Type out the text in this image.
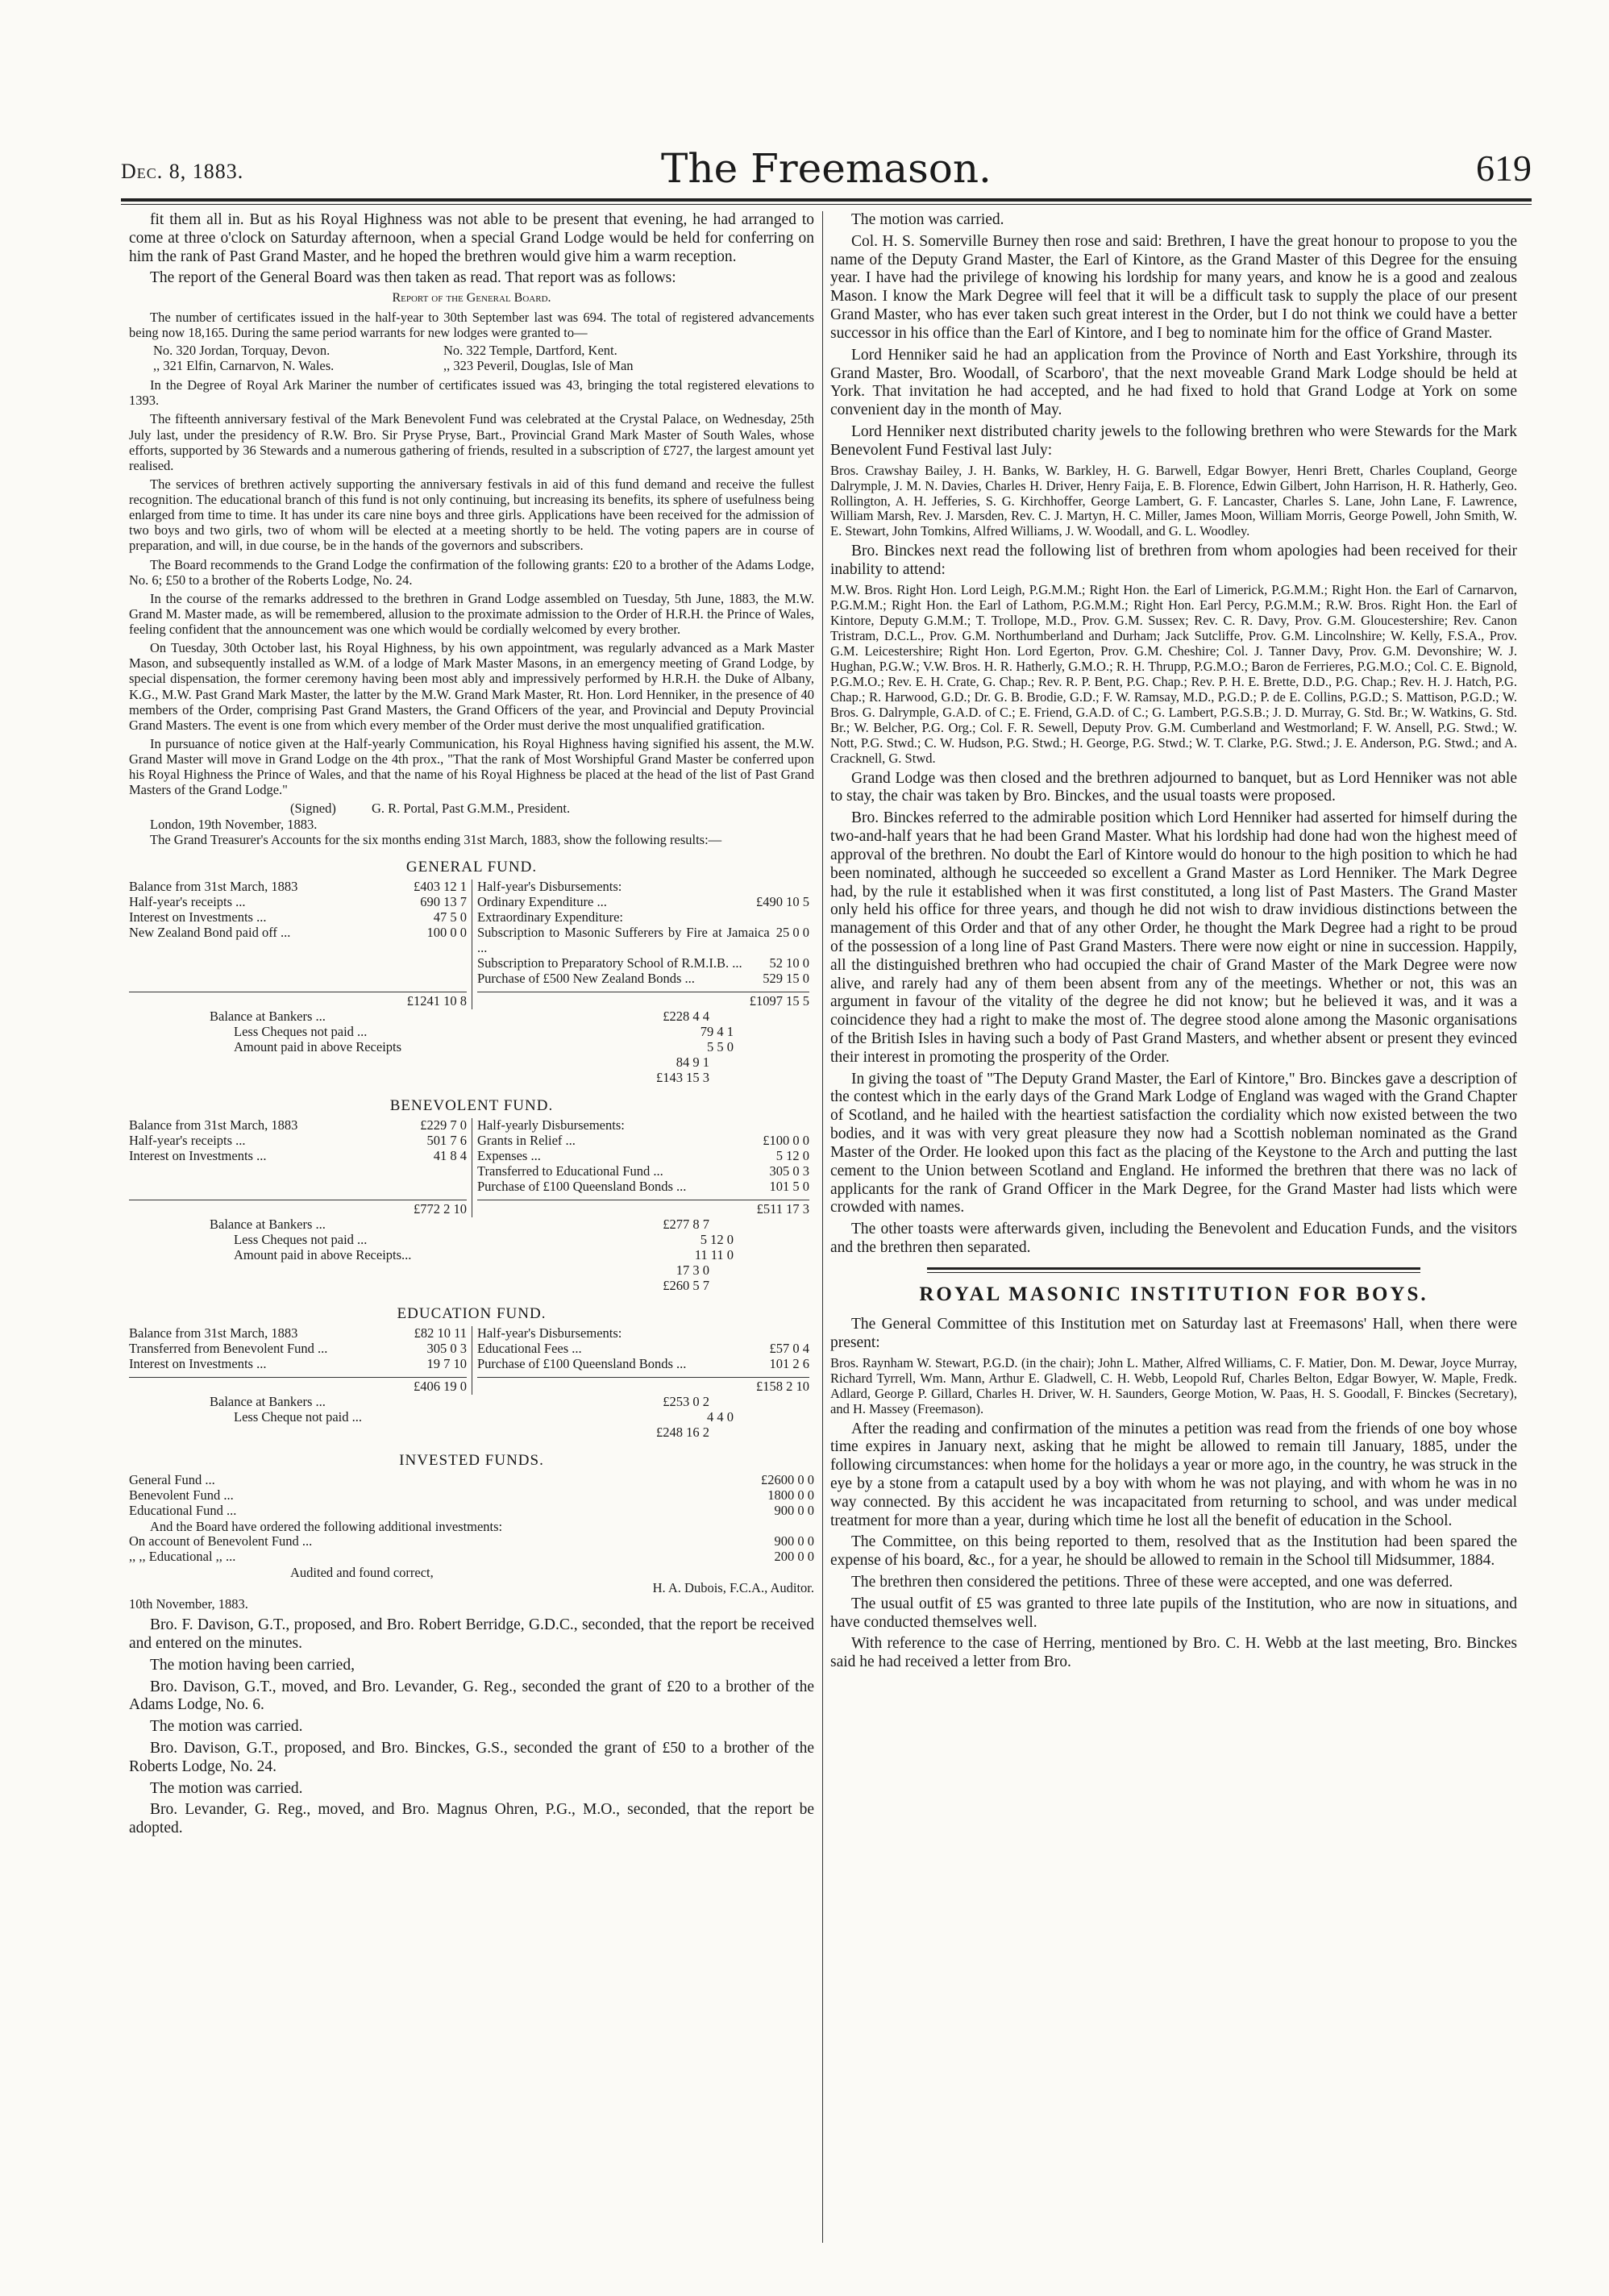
Dec. 8, 1883.	The Freemason.	619

fit them all in. But as his Royal Highness was not able to be present that evening, he had arranged to come at three o'clock on Saturday afternoon, when a special Grand Lodge would be held for conferring on him the rank of Past Grand Master, and he hoped the brethren would give him a warm reception.

The report of the General Board was then taken as read. That report was as follows:

Report of the General Board.

The number of certificates issued in the half-year to 30th September last was 694. The total of registered advancements being now 18,165. During the same period warrants for new lodges were granted to—

No. 320 Jordan, Torquay, Devon.	No. 322 Temple, Dartford, Kent.
,, 321 Elfin, Carnarvon, N. Wales.	,, 323 Peveril, Douglas, Isle of Man

In the Degree of Royal Ark Mariner the number of certificates issued was 43, bringing the total registered elevations to 1393.

The fifteenth anniversary festival of the Mark Benevolent Fund was celebrated at the Crystal Palace, on Wednesday, 25th July last, under the presidency of R.W. Bro. Sir Pryse Pryse, Bart., Provincial Grand Mark Master of South Wales, whose efforts, supported by 36 Stewards and a numerous gathering of friends, resulted in a subscription of £727, the largest amount yet realised.

The services of brethren actively supporting the anniversary festivals in aid of this fund demand and receive the fullest recognition. The educational branch of this fund is not only continuing, but increasing its benefits, its sphere of usefulness being enlarged from time to time. It has under its care nine boys and three girls. Applications have been received for the admission of two boys and two girls, two of whom will be elected at a meeting shortly to be held. The voting papers are in course of preparation, and will, in due course, be in the hands of the governors and subscribers.

The Board recommends to the Grand Lodge the confirmation of the following grants: £20 to a brother of the Adams Lodge, No. 6; £50 to a brother of the Roberts Lodge, No. 24.

In the course of the remarks addressed to the brethren in Grand Lodge assembled on Tuesday, 5th June, 1883, the M.W. Grand M. Master made, as will be remembered, allusion to the proximate admission to the Order of H.R.H. the Prince of Wales, feeling confident that the announcement was one which would be cordially welcomed by every brother.

On Tuesday, 30th October last, his Royal Highness, by his own appointment, was regularly advanced as a Mark Master Mason, and subsequently installed as W.M. of a lodge of Mark Master Masons, in an emergency meeting of Grand Lodge, by special dispensation, the former ceremony having been most ably and impressively performed by H.R.H. the Duke of Albany, K.G., M.W. Past Grand Mark Master, the latter by the M.W. Grand Mark Master, Rt. Hon. Lord Henniker, in the presence of 40 members of the Order, comprising Past Grand Masters, the Grand Officers of the year, and Provincial and Deputy Provincial Grand Masters. The event is one from which every member of the Order must derive the most unqualified gratification.

In pursuance of notice given at the Half-yearly Communication, his Royal Highness having signified his assent, the M.W. Grand Master will move in Grand Lodge on the 4th prox., "That the rank of Most Worshipful Grand Master be conferred upon his Royal Highness the Prince of Wales, and that the name of his Royal Highness be placed at the head of the list of Past Grand Masters of the Grand Lodge."

(Signed)	G. R. Portal, Past G.M.M., President.
London, 19th November, 1883.

The Grand Treasurer's Accounts for the six months ending 31st March, 1883, show the following results:—

GENERAL FUND.
Balance from 31st March, 1883	£403 12 1
Half-year's receipts ...	690 13 7
Interest on Investments ...	47 5 0
New Zealand Bond paid off ...	100 0 0
Half-year's Disbursements:
Ordinary Expenditure ...	£490 10 5
Extraordinary Expenditure:
Subscription to Masonic Sufferers by Fire at Jamaica ...
25 0 0
Subscription to Preparatory School of R.M.I.B. ...	52 10 0
Purchase of £500 New Zealand Bonds ...	529 15 0
£1241 10 8	£1097 15 5
Balance at Bankers ...	£228 4 4
Less Cheques not paid ...	79 4 1
Amount paid in above Receipts	5 5 0
84 9 1
£143 15 3
BENEVOLENT FUND.
Balance from 31st March, 1883	£229 7 0
Half-year's receipts ...	501 7 6
Interest on Investments ...	41 8 4
Half-yearly Disbursements:
Grants in Relief ...	£100 0 0
Expenses ...	5 12 0
Transferred to Educational Fund ...	305 0 3
Purchase of £100 Queensland Bonds ...	101 5 0
£772 2 10	£511 17 3
Balance at Bankers ...	£277 8 7
Less Cheques not paid ...	5 12 0
Amount paid in above Receipts...	11 11 0
17 3 0
£260 5 7
EDUCATION FUND.
Balance from 31st March, 1883	£82 10 11
Transferred from Benevolent Fund ...	305 0 3
Interest on Investments ...	19 7 10
Half-year's Disbursements:
Educational Fees ...	£57 0 4
Purchase of £100 Queensland Bonds ...	101 2 6
£406 19 0	£158 2 10
Balance at Bankers ...	£253 0 2
Less Cheque not paid ...	4 4 0
£248 16 2
INVESTED FUNDS.
General Fund ...	£2600 0 0
Benevolent Fund ...	1800 0 0
Educational Fund ...	900 0 0
And the Board have ordered the following additional investments:
On account of Benevolent Fund ...	900 0 0
,, ,, Educational ,, ...	200 0 0
Audited and found correct,
H. A. Dubois, F.C.A., Auditor.
10th November, 1883.

Bro. F. Davison, G.T., proposed, and Bro. Robert Berridge, G.D.C., seconded, that the report be received and entered on the minutes.

The motion having been carried,

Bro. Davison, G.T., moved, and Bro. Levander, G. Reg., seconded the grant of £20 to a brother of the Adams Lodge, No. 6.

The motion was carried.

Bro. Davison, G.T., proposed, and Bro. Binckes, G.S., seconded the grant of £50 to a brother of the Roberts Lodge, No. 24.

The motion was carried.

Bro. Levander, G. Reg., moved, and Bro. Magnus Ohren, P.G., M.O., seconded, that the report be adopted.

The motion was carried.

Col. H. S. Somerville Burney then rose and said: Brethren, I have the great honour to propose to you the name of the Deputy Grand Master, the Earl of Kintore, as the Grand Master of this Degree for the ensuing year. I have had the privilege of knowing his lordship for many years, and know he is a good and zealous Mason. I know the Mark Degree will feel that it will be a difficult task to supply the place of our present Grand Master, who has ever taken such great interest in the Order, but I do not think we could have a better successor in his office than the Earl of Kintore, and I beg to nominate him for the office of Grand Master.

Lord Henniker said he had an application from the Province of North and East Yorkshire, through its Grand Master, Bro. Woodall, of Scarboro', that the next moveable Grand Mark Lodge should be held at York. That invitation he had accepted, and he had fixed to hold that Grand Lodge at York on some convenient day in the month of May.

Lord Henniker next distributed charity jewels to the following brethren who were Stewards for the Mark Benevolent Fund Festival last July:

Bros. Crawshay Bailey, J. H. Banks, W. Barkley, H. G. Barwell, Edgar Bowyer, Henri Brett, Charles Coupland, George Dalrymple, J. M. N. Davies, Charles H. Driver, Henry Faija, E. B. Florence, Edwin Gilbert, John Harrison, H. R. Hatherly, Geo. Rollington, A. H. Jefferies, S. G. Kirchhoffer, George Lambert, G. F. Lancaster, Charles S. Lane, John Lane, F. Lawrence, William Marsh, Rev. J. Marsden, Rev. C. J. Martyn, H. C. Miller, James Moon, William Morris, George Powell, John Smith, W. E. Stewart, John Tomkins, Alfred Williams, J. W. Woodall, and G. L. Woodley.

Bro. Binckes next read the following list of brethren from whom apologies had been received for their inability to attend:

M.W. Bros. Right Hon. Lord Leigh, P.G.M.M.; Right Hon. the Earl of Limerick, P.G.M.M.; Right Hon. the Earl of Carnarvon, P.G.M.M.; Right Hon. the Earl of Lathom, P.G.M.M.; Right Hon. Earl Percy, P.G.M.M.; R.W. Bros. Right Hon. the Earl of Kintore, Deputy G.M.M.; T. Trollope, M.D., Prov. G.M. Sussex; Rev. C. R. Davy, Prov. G.M. Gloucestershire; Rev. Canon Tristram, D.C.L., Prov. G.M. Northumberland and Durham; Jack Sutcliffe, Prov. G.M. Lincolnshire; W. Kelly, F.S.A., Prov. G.M. Leicestershire; Right Hon. Lord Egerton, Prov. G.M. Cheshire; Col. J. Tanner Davy, Prov. G.M. Devonshire; W. J. Hughan, P.G.W.; V.W. Bros. H. R. Hatherly, G.M.O.; R. H. Thrupp, P.G.M.O.; Baron de Ferrieres, P.G.M.O.; Col. C. E. Bignold, P.G.M.O.; Rev. E. H. Crate, G. Chap.; Rev. R. P. Bent, P.G. Chap.; Rev. P. H. E. Brette, D.D., P.G. Chap.; Rev. H. J. Hatch, P.G. Chap.; R. Harwood, G.D.; Dr. G. B. Brodie, G.D.; F. W. Ramsay, M.D., P.G.D.; P. de E. Collins, P.G.D.; S. Mattison, P.G.D.; W. Bros. G. Dalrymple, G.A.D. of C.; E. Friend, G.A.D. of C.; G. Lambert, P.G.S.B.; J. D. Murray, G. Std. Br.; W. Watkins, G. Std. Br.; W. Belcher, P.G. Org.; Col. F. R. Sewell, Deputy Prov. G.M. Cumberland and Westmorland; F. W. Ansell, P.G. Stwd.; W. Nott, P.G. Stwd.; C. W. Hudson, P.G. Stwd.; H. George, P.G. Stwd.; W. T. Clarke, P.G. Stwd.; J. E. Anderson, P.G. Stwd.; and A. Cracknell, G. Stwd.

Grand Lodge was then closed and the brethren adjourned to banquet, but as Lord Henniker was not able to stay, the chair was taken by Bro. Binckes, and the usual toasts were proposed.

Bro. Binckes referred to the admirable position which Lord Henniker had asserted for himself during the two-and-half years that he had been Grand Master. What his lordship had done had won the highest meed of approval of the brethren. No doubt the Earl of Kintore would do honour to the high position to which he had been nominated, although he succeeded so excellent a Grand Master as Lord Henniker. The Mark Degree had, by the rule it established when it was first constituted, a long list of Past Masters. The Grand Master only held his office for three years, and though he did not wish to draw invidious distinctions between the management of this Order and that of any other Order, he thought the Mark Degree had a right to be proud of the possession of a long line of Past Grand Masters. There were now eight or nine in succession. Happily, all the distinguished brethren who had occupied the chair of Grand Master of the Mark Degree were now alive, and rarely had any of them been absent from any of the meetings. Whether or not, this was an argument in favour of the vitality of the degree he did not know; but he believed it was, and it was a coincidence they had a right to make the most of. The degree stood alone among the Masonic organisations of the British Isles in having such a body of Past Grand Masters, and whether absent or present they evinced their interest in promoting the prosperity of the Order.

In giving the toast of "The Deputy Grand Master, the Earl of Kintore," Bro. Binckes gave a description of the contest which in the early days of the Grand Mark Lodge of England was waged with the Grand Chapter of Scotland, and he hailed with the heartiest satisfaction the cordiality which now existed between the two bodies, and it was with very great pleasure they now had a Scottish nobleman nominated as the Grand Master of the Order. He looked upon this fact as the placing of the Keystone to the Arch and putting the last cement to the Union between Scotland and England. He informed the brethren that there was no lack of applicants for the rank of Grand Officer in the Mark Degree, for the Grand Master had lists which were crowded with names.

The other toasts were afterwards given, including the Benevolent and Education Funds, and the visitors and the brethren then separated.

ROYAL MASONIC INSTITUTION FOR BOYS.

The General Committee of this Institution met on Saturday last at Freemasons' Hall, when there were present:

Bros. Raynham W. Stewart, P.G.D. (in the chair); John L. Mather, Alfred Williams, C. F. Matier, Don. M. Dewar, Joyce Murray, Richard Tyrrell, Wm. Mann, Arthur E. Gladwell, C. H. Webb, Leopold Ruf, Charles Belton, Edgar Bowyer, W. Maple, Fredk. Adlard, George P. Gillard, Charles H. Driver, W. H. Saunders, George Motion, W. Paas, H. S. Goodall, F. Binckes (Secretary), and H. Massey (Freemason).

After the reading and confirmation of the minutes a petition was read from the friends of one boy whose time expires in January next, asking that he might be allowed to remain till January, 1885, under the following circumstances: when home for the holidays a year or more ago, in the country, he was struck in the eye by a stone from a catapult used by a boy with whom he was not playing, and with whom he was in no way connected. By this accident he was incapacitated from returning to school, and was under medical treatment for more than a year, during which time he lost all the benefit of education in the School.

The Committee, on this being reported to them, resolved that as the Institution had been spared the expense of his board, &c., for a year, he should be allowed to remain in the School till Midsummer, 1884.

The brethren then considered the petitions. Three of these were accepted, and one was deferred.

The usual outfit of £5 was granted to three late pupils of the Institution, who are now in situations, and have conducted themselves well.

With reference to the case of Herring, mentioned by Bro. C. H. Webb at the last meeting, Bro. Binckes said he had received a letter from Bro.
